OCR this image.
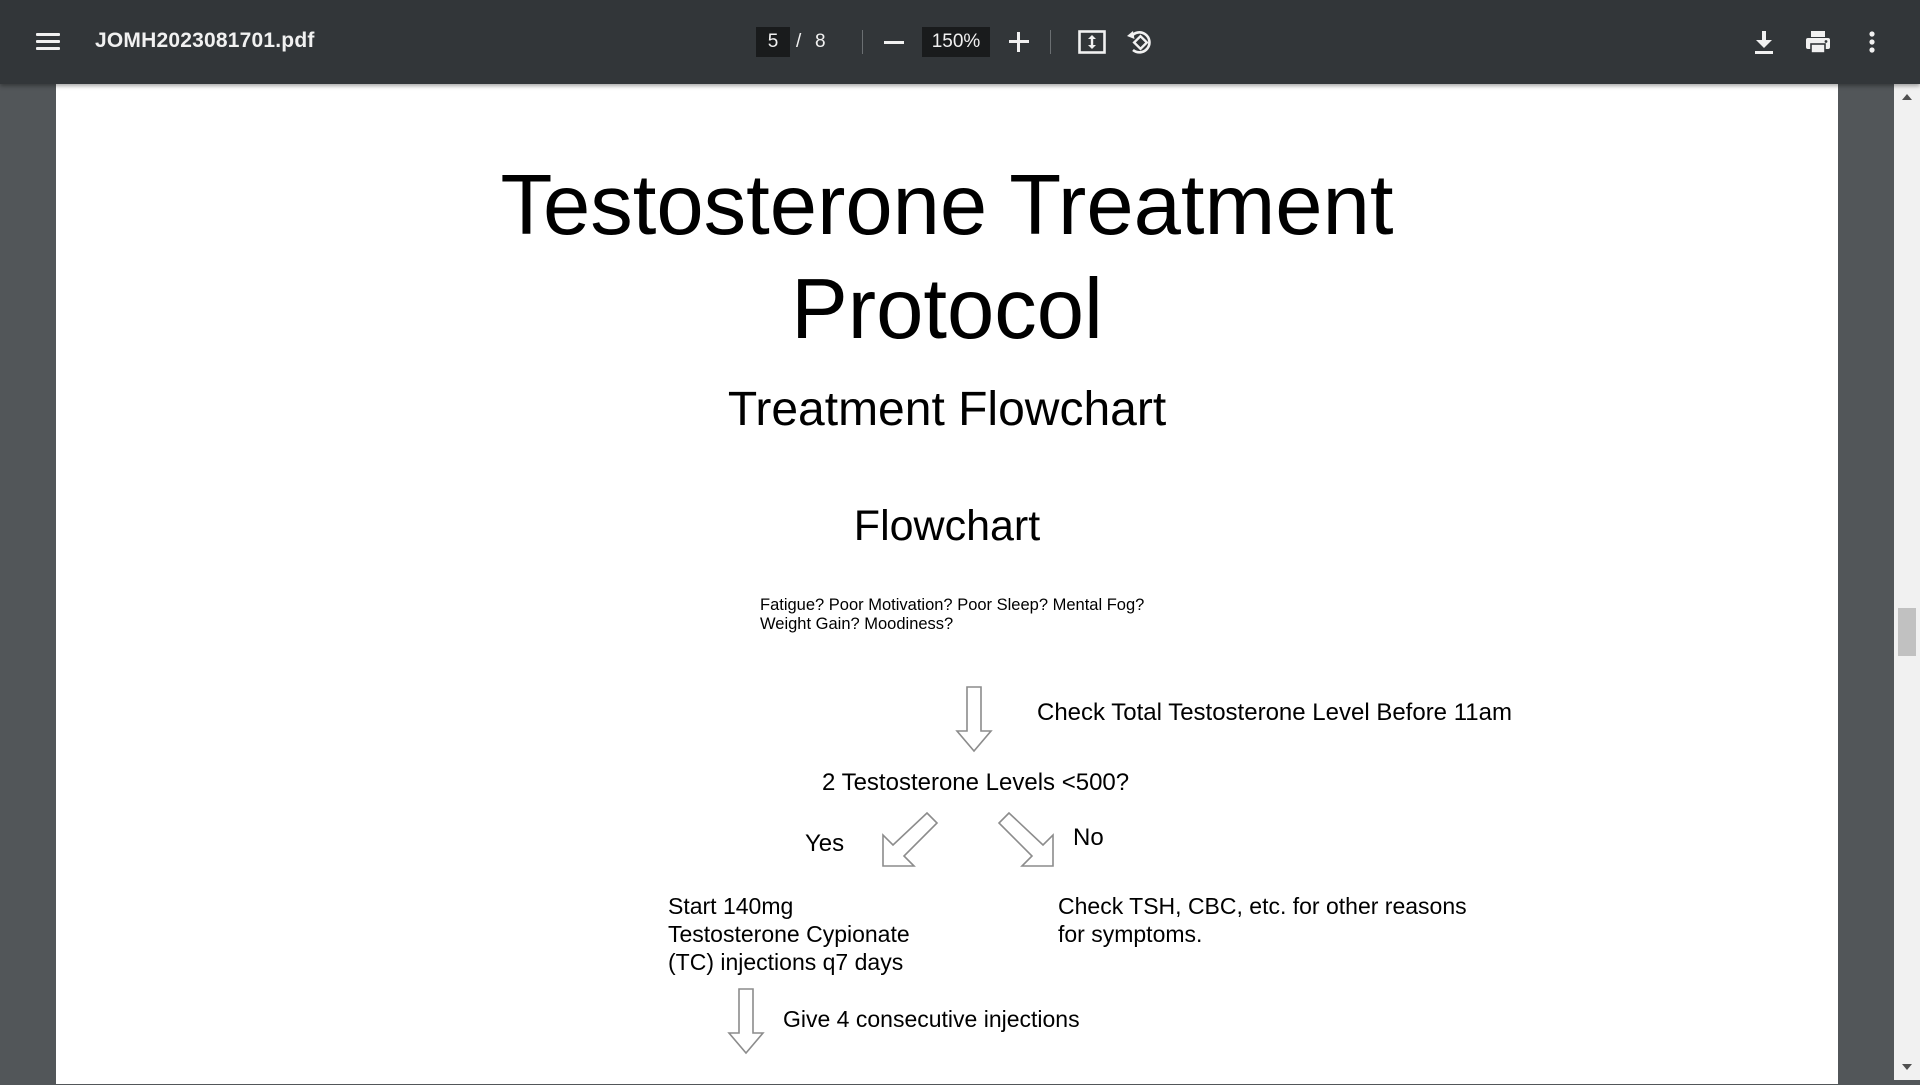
JOMH2023081701.pdf
5	/ 8
150%
Testosterone Treatment
Protocol
Treatment Flowchart
Flowchart
Fatigue? Poor Motivation? Poor Sleep? Mental Fog?
Weight Gain? Moodiness?
Check Total Testosterone Level Before 11am
2 Testosterone Levels <500?
Yes	No
Start 140mg
Testosterone Cypionate
(TC) injections q7 days
Check TSH, CBC, etc. for other reasons
for symptoms.
Give 4 consecutive injections
